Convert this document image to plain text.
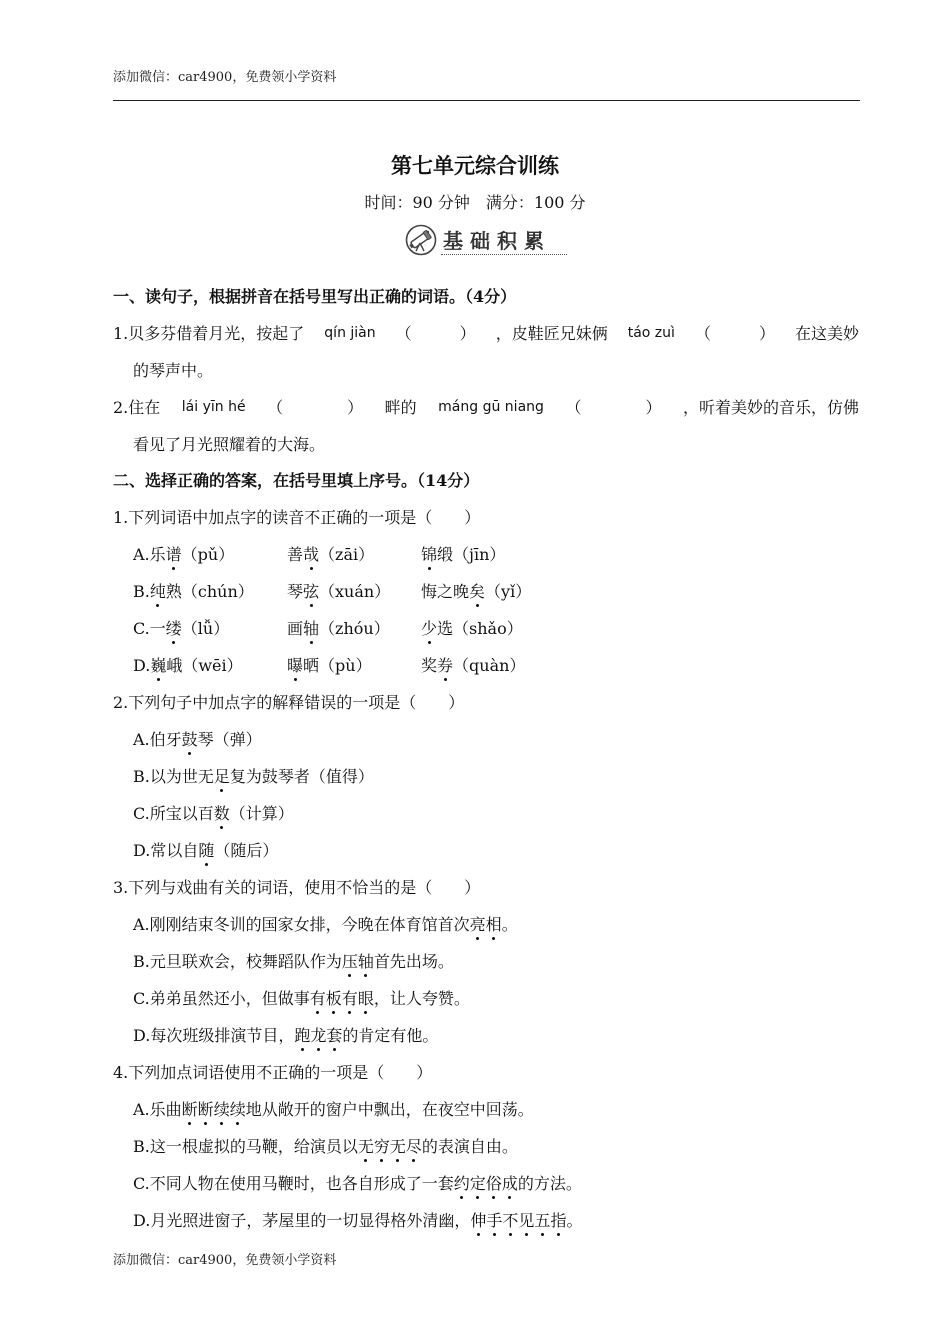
添加微信：car4900，免费领小学资料
第七单元综合训练
时间：90 分钟　满分：100 分
基础积累
一、读句子，根据拼音在括号里写出正确的词语。（4分）
1.贝多芬借着月光，按起了 qín jiàn （　　　） ，皮鞋匠兄妹俩 táo zuì （　　　） 在这美妙
的琴声中。
2.住在 lái yīn hé （　　　　） 畔的 máng gū niang （　　　　） ，听着美妙的音乐，仿佛
看见了月光照耀着的大海。
二、选择正确的答案，在括号里填上序号。（14分）
1.下列词语中加点字的读音不正确的一项是（　　）
A.乐谱（pǔ）	善哉（zāi）	锦缎（jīn）
B.纯熟（chún）	琴弦（xuán）	悔之晚矣（yǐ）
C.一缕（lǚ）	画轴（zhóu）	少选（shǎo）
D.巍峨（wēi）	曝晒（pù）	奖券（quàn）
2.下列句子中加点字的解释错误的一项是（　　）
A.伯牙鼓琴（弹）
B.以为世无足复为鼓琴者（值得）
C.所宝以百数（计算）
D.常以自随（随后）
3.下列与戏曲有关的词语，使用不恰当的是（　　）
A.刚刚结束冬训的国家女排，今晚在体育馆首次亮相。
B.元旦联欢会，校舞蹈队作为压轴首先出场。
C.弟弟虽然还小，但做事有板有眼，让人夸赞。
D.每次班级排演节目，跑龙套的肯定有他。
4.下列加点词语使用不正确的一项是（　　）
A.乐曲断断续续地从敞开的窗户中飘出，在夜空中回荡。
B.这一根虚拟的马鞭，给演员以无穷无尽的表演自由。
C.不同人物在使用马鞭时，也各自形成了一套约定俗成的方法。
D.月光照进窗子，茅屋里的一切显得格外清幽，伸手不见五指。
添加微信：car4900，免费领小学资料
